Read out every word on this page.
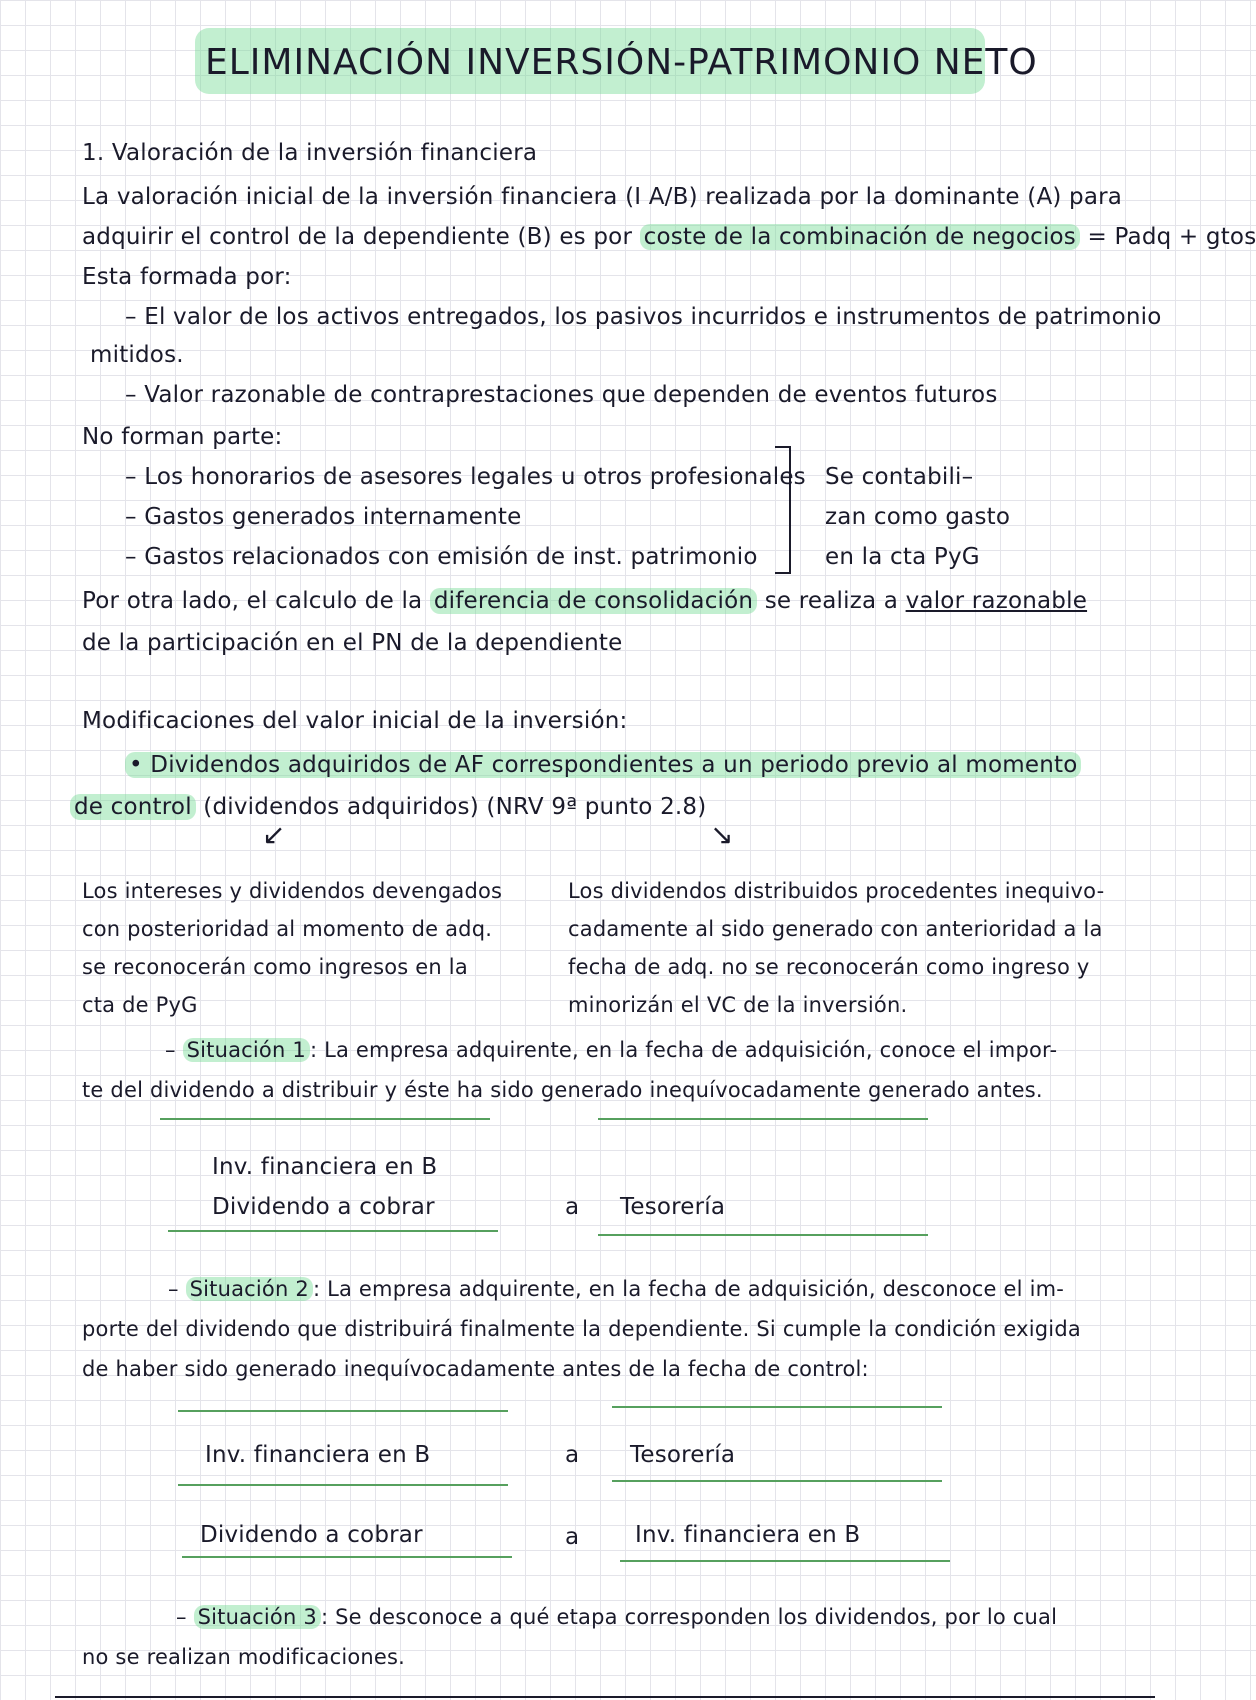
ELIMINACIÓN INVERSIÓN-PATRIMONIO NETO
1. Valoración de la inversión financiera
La valoración inicial de la inversión financiera (I A/B) realizada por la dominante (A) para
adquirir el control de la dependiente (B) es por coste de la combinación de negocios = Padq + gtos
Esta formada por:
– El valor de los activos entregados, los pasivos incurridos e instrumentos de patrimonio
mitidos.
– Valor razonable de contraprestaciones que dependen de eventos futuros
No forman parte:
– Los honorarios de asesores legales u otros profesionales
– Gastos generados internamente
– Gastos relacionados con emisión de inst. patrimonio
Se contabili–
zan como gasto
en la cta PyG
Por otra lado, el calculo de la diferencia de consolidación se realiza a valor razonable
de la participación en el PN de la dependiente
Modificaciones del valor inicial de la inversión:
• Dividendos adquiridos de AF correspondientes a un periodo previo al momento
de control (dividendos adquiridos) (NRV 9ª punto 2.8)
↙	↘
Los intereses y dividendos devengados
con posterioridad al momento de adq.
se reconocerán como ingresos en la
cta de PyG
Los dividendos distribuidos procedentes inequivo-
cadamente al sido generado con anterioridad a la
fecha de adq. no se reconocerán como ingreso y
minorizán el VC de la inversión.
– Situación 1 : La empresa adquirente, en la fecha de adquisición, conoce el impor-
te del dividendo a distribuir y éste ha sido generado inequívocadamente generado antes.
Inv. financiera en B
Dividendo a cobrar	a Tesorería
– Situación 2 : La empresa adquirente, en la fecha de adquisición, desconoce el im-
porte del dividendo que distribuirá finalmente la dependiente. Si cumple la condición exigida
de haber sido generado inequívocadamente antes de la fecha de control:
Inv. financiera en B	a Tesorería
Dividendo a cobrar	a Inv. financiera en B
– Situación 3 : Se desconoce a qué etapa corresponden los dividendos, por lo cual
no se realizan modificaciones.
